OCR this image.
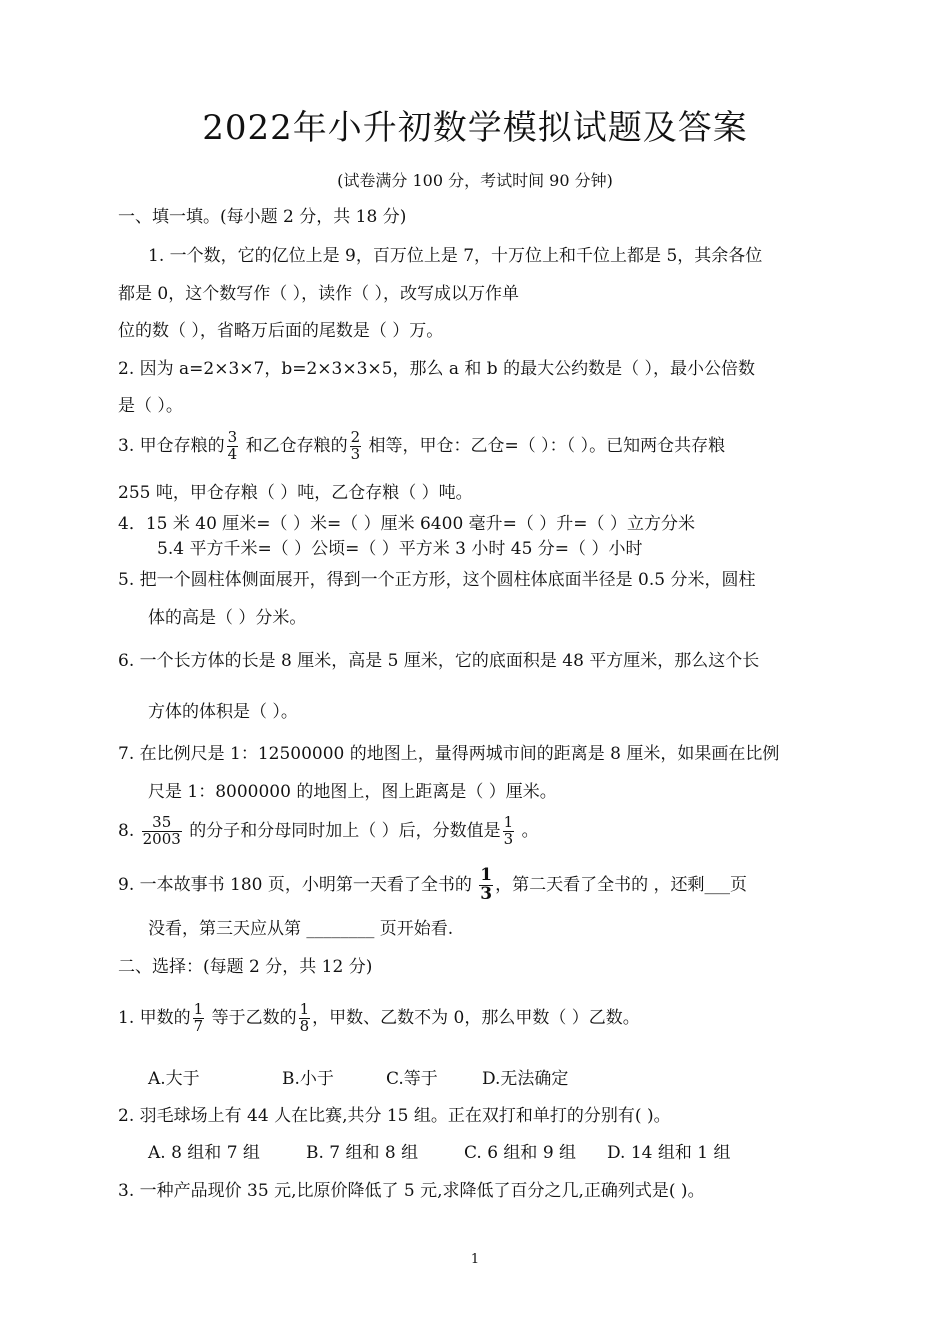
2022年小升初数学模拟试题及答案
(试卷满分 100 分，考试时间 90 分钟)
一、填一填。(每小题 2 分，共 18 分)
1. 一个数，它的亿位上是 9，百万位上是 7，十万位上和千位上都是 5，其余各位
都是 0，这个数写作（ ），读作（ ），改写成以万作单
位的数（ ），省略万后面的尾数是（ ）万。
2. 因为 a=2×3×7，b=2×3×3×5，那么 a 和 b 的最大公约数是（ ），最小公倍数
是（ ）。
3. 甲仓存粮的 $\frac{3}{4}$ 和乙仓存粮的 $\frac{2}{3}$ 相等，甲仓：乙仓=（ ）：（ ）。已知两仓共存粮
255 吨，甲仓存粮（ ）吨，乙仓存粮（ ）吨。
4．15 米 40 厘米=（ ）米=（ ）厘米 6400 毫升=（ ）升=（ ）立方分米
5.4 平方千米=（ ）公顷=（ ）平方米 3 小时 45 分=（ ）小时
5. 把一个圆柱体侧面展开，得到一个正方形，这个圆柱体底面半径是 0.5 分米，圆柱
体的高是（ ）分米。
6. 一个长方体的长是 8 厘米，高是 5 厘米，它的底面积是 48 平方厘米，那么这个长
方体的体积是（ ）。
7. 在比例尺是 1：12500000 的地图上，量得两城市间的距离是 8 厘米，如果画在比例
尺是 1：8000000 的地图上，图上距离是（ ）厘米。
8. $\frac{35}{2003}$ 的分子和分母同时加上（ ）后，分数值是 $\frac{1}{3}$ 。
9. 一本故事书 180 页，小明第一天看了全书的 $\frac{1}{3}$ ，第二天看了全书的 ，还剩___页
没看，第三天应从第 ________ 页开始看.
二、选择：(每题 2 分，共 12 分)
1. 甲数的 $\frac{1}{7}$ 等于乙数的 $\frac{1}{8}$ ，甲数、乙数不为 0，那么甲数（ ）乙数。
A.大于	B.小于	C.等于	D.无法确定
2. 羽毛球场上有 44 人在比赛,共分 15 组。正在双打和单打的分别有( )。
A. 8 组和 7 组	B. 7 组和 8 组	C. 6 组和 9 组 D. 14 组和 1 组
3. 一种产品现价 35 元,比原价降低了 5 元,求降低了百分之几,正确列式是( )。
1
